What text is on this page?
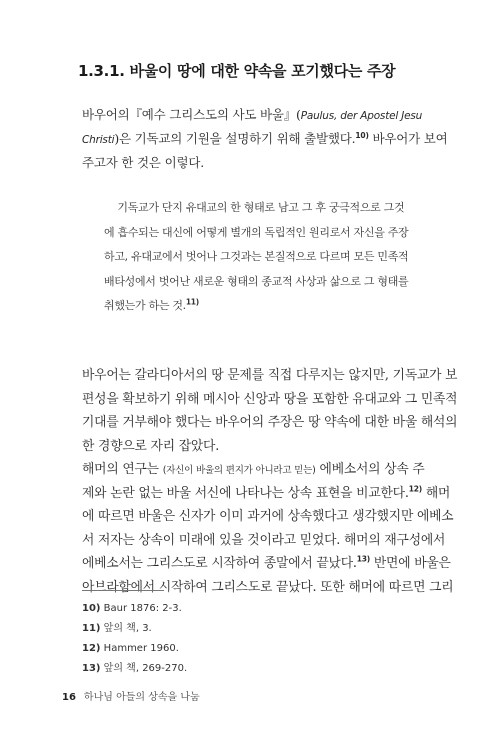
1.3.1. 바울이 땅에 대한 약속을 포기했다는 주장
바우어의『예수 그리스도의 사도 바울』(Paulus, der Apostel Jesu
Christi)은 기독교의 기원을 설명하기 위해 출발했다.$^{10)}$ 바우어가 보여
주고자 한 것은 이렇다.
  기독교가 단지 유대교의 한 형태로 남고 그 후 궁극적으로 그것
에 흡수되는 대신에 어떻게 별개의 독립적인 원리로서 자신을 주장
하고, 유대교에서 벗어나 그것과는 본질적으로 다르며 모든 민족적
배타성에서 벗어난 새로운 형태의 종교적 사상과 삶으로 그 형태를
취했는가 하는 것.$^{11)}$
바우어는 갈라디아서의 땅 문제를 직접 다루지는 않지만, 기독교가 보
편성을 확보하기 위해 메시아 신앙과 땅을 포함한 유대교와 그 민족적
기대를 거부해야 했다는 바우어의 주장은 땅 약속에 대한 바울 해석의
한 경향으로 자리 잡았다.
해머의 연구는 (자신이 바울의 편지가 아니라고 믿는) 에베소서의 상속 주
제와 논란 없는 바울 서신에 나타나는 상속 표현을 비교한다.$^{12)}$ 해머
에 따르면 바울은 신자가 이미 과거에 상속했다고 생각했지만 에베소
서 저자는 상속이 미래에 있을 것이라고 믿었다. 해머의 재구성에서
에베소서는 그리스도로 시작하여 종말에서 끝났다.$^{13)}$ 반면에 바울은
아브라함에서 시작하여 그리스도로 끝났다. 또한 해머에 따르면 그리
10) Baur 1876: 2-3.
11) 앞의 책, 3.
12) Hammer 1960.
13) 앞의 책, 269-270.
16 하나님 아들의 상속을 나눔
